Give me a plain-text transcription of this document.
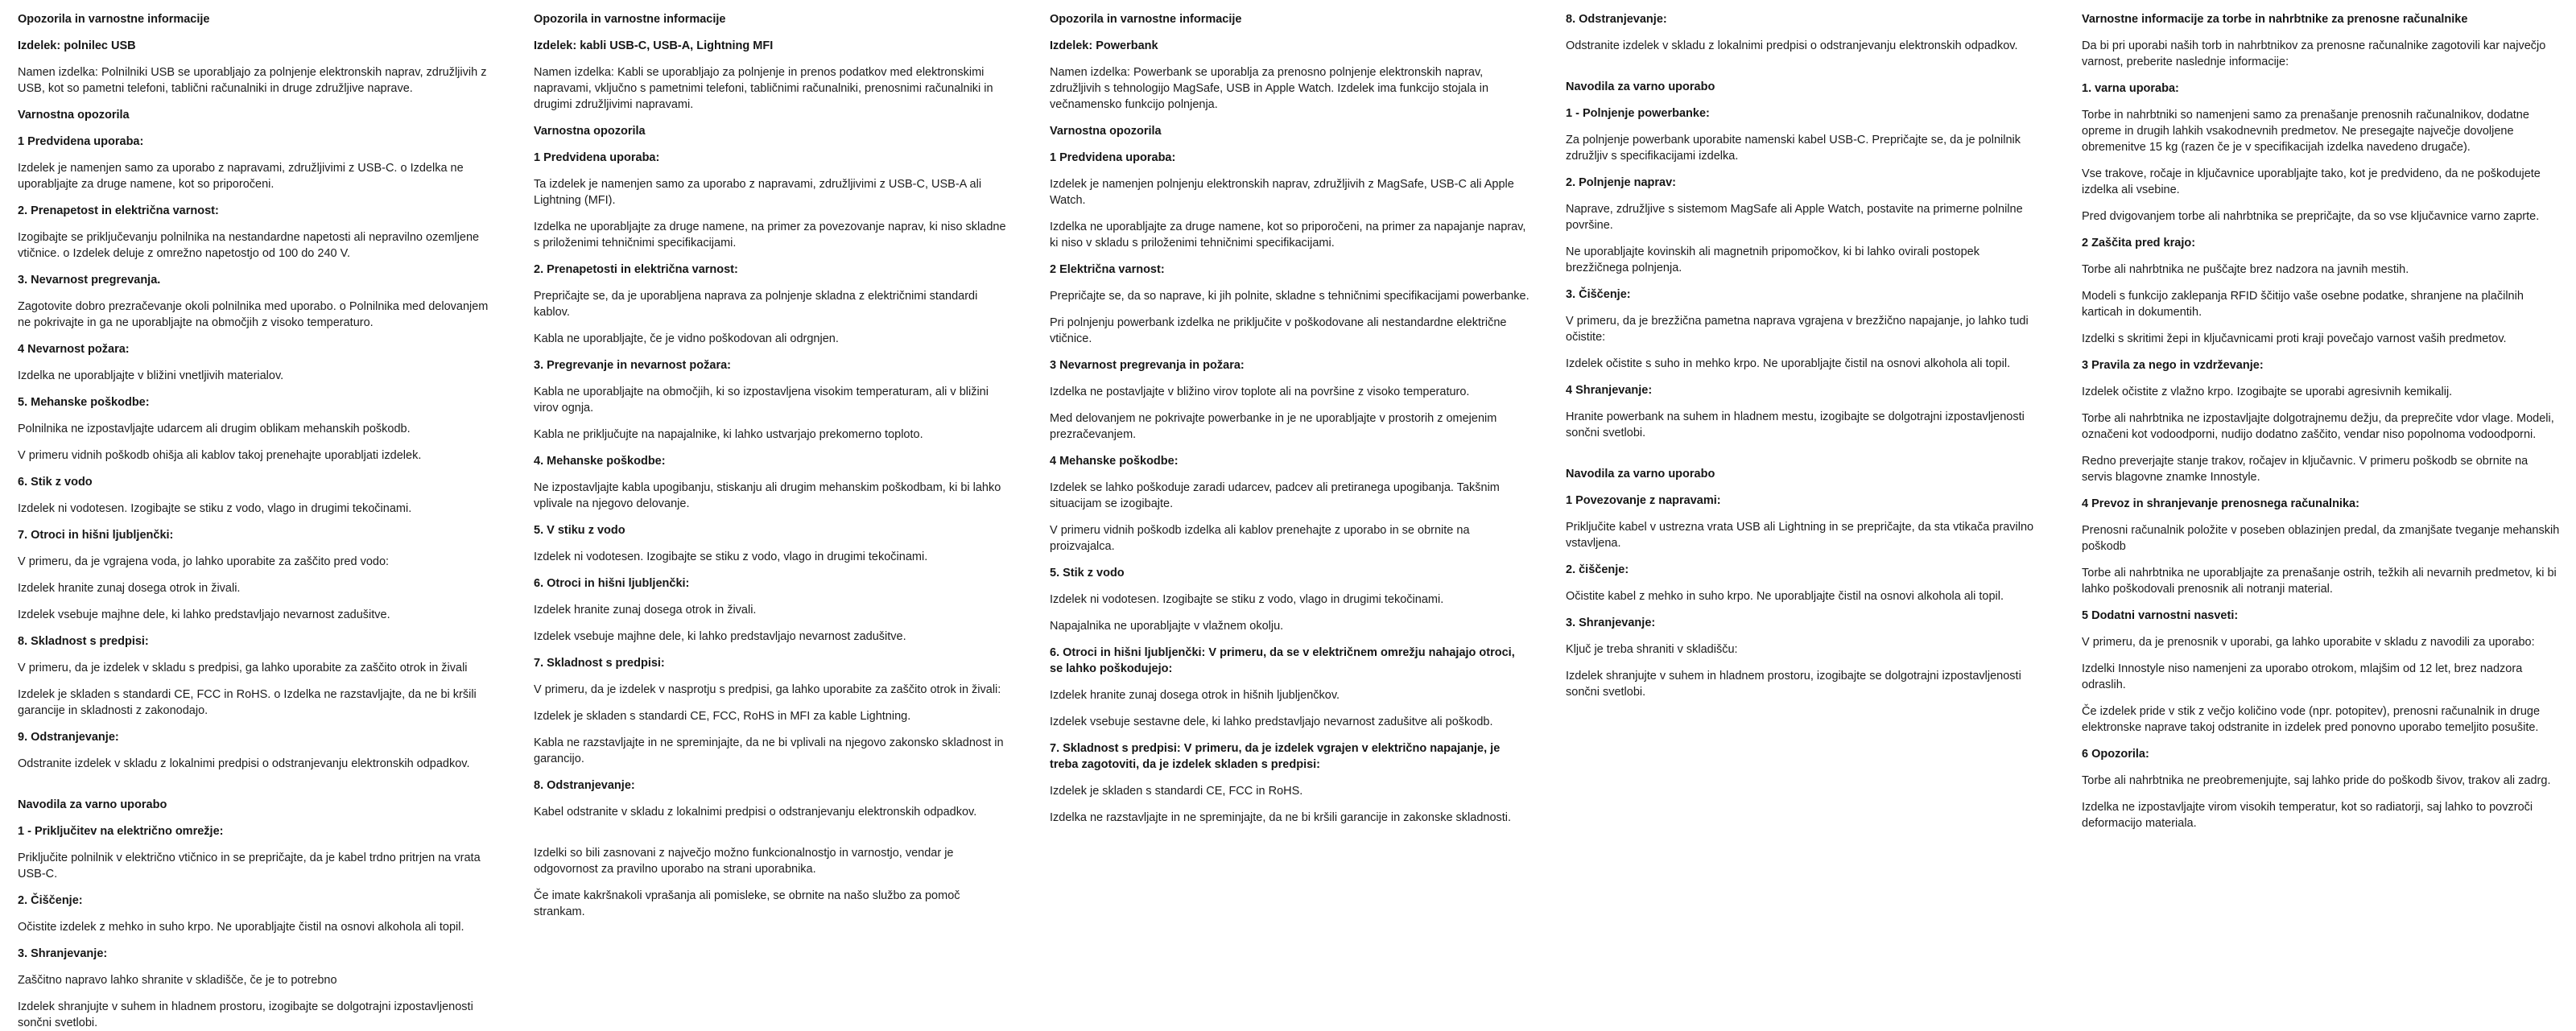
Opozorila in varnostne informacije
Izdelek: polnilec USB
Namen izdelka: Polnilniki USB se uporabljajo za polnjenje elektronskih naprav, združljivih z USB, kot so pametni telefoni, tablični računalniki in druge združljive naprave.
Varnostna opozorila
1 Predvidena uporaba:
Izdelek je namenjen samo za uporabo z napravami, združljivimi z USB-C. o Izdelka ne uporabljajte za druge namene, kot so priporočeni.
2. Prenapetost in električna varnost:
Izogibajte se priključevanju polnilnika na nestandardne napetosti ali nepravilno ozemljene vtičnice. o Izdelek deluje z omrežno napetostjo od 100 do 240 V.
3. Nevarnost pregrevanja.
Zagotovite dobro prezračevanje okoli polnilnika med uporabo. o Polnilnika med delovanjem ne pokrivajte in ga ne uporabljajte na območjih z visoko temperaturo.
4 Nevarnost požara:
Izdelka ne uporabljajte v bližini vnetljivih materialov.
5. Mehanske poškodbe:
Polnilnika ne izpostavljajte udarcem ali drugim oblikam mehanskih poškodb.
V primeru vidnih poškodb ohišja ali kablov takoj prenehajte uporabljati izdelek.
6. Stik z vodo
Izdelek ni vodotesen. Izogibajte se stiku z vodo, vlago in drugimi tekočinami.
7. Otroci in hišni ljubljenčki:
V primeru, da je vgrajena voda, jo lahko uporabite za zaščito pred vodo:
Izdelek hranite zunaj dosega otrok in živali.
Izdelek vsebuje majhne dele, ki lahko predstavljajo nevarnost zadušitve.
8. Skladnost s predpisi:
V primeru, da je izdelek v skladu s predpisi, ga lahko uporabite za zaščito otrok in živali
Izdelek je skladen s standardi CE, FCC in RoHS. o Izdelka ne razstavljajte, da ne bi kršili garancije in skladnosti z zakonodajo.
9. Odstranjevanje:
Odstranite izdelek v skladu z lokalnimi predpisi o odstranjevanju elektronskih odpadkov.
Navodila za varno uporabo
1 - Priključitev na električno omrežje:
Priključite polnilnik v električno vtičnico in se prepričajte, da je kabel trdno pritrjen na vrata USB-C.
2. Čiščenje:
Očistite izdelek z mehko in suho krpo. Ne uporabljajte čistil na osnovi alkohola ali topil.
3. Shranjevanje:
Zaščitno napravo lahko shranite v skladišče, če je to potrebno
Izdelek shranjujte v suhem in hladnem prostoru, izogibajte se dolgotrajni izpostavljenosti sončni svetlobi.
Opozorila in varnostne informacije
Izdelek: kabli USB-C, USB-A, Lightning MFI
Namen izdelka: Kabli se uporabljajo za polnjenje in prenos podatkov med elektronskimi napravami, vključno s pametnimi telefoni, tabličnimi računalniki, prenosnimi računalniki in drugimi združljivimi napravami.
Varnostna opozorila
1 Predvidena uporaba:
Ta izdelek je namenjen samo za uporabo z napravami, združljivimi z USB-C, USB-A ali Lightning (MFI).
Izdelka ne uporabljajte za druge namene, na primer za povezovanje naprav, ki niso skladne s priloženimi tehničnimi specifikacijami.
2. Prenapetosti in električna varnost:
Prepričajte se, da je uporabljena naprava za polnjenje skladna z električnimi standardi kablov.
Kabla ne uporabljajte, če je vidno poškodovan ali odrgnjen.
3. Pregrevanje in nevarnost požara:
Kabla ne uporabljajte na območjih, ki so izpostavljena visokim temperaturam, ali v bližini virov ognja.
Kabla ne priključujte na napajalnike, ki lahko ustvarjajo prekomerno toploto.
4. Mehanske poškodbe:
Ne izpostavljajte kabla upogibanju, stiskanju ali drugim mehanskim poškodbam, ki bi lahko vplivale na njegovo delovanje.
5. V stiku z vodo
Izdelek ni vodotesen. Izogibajte se stiku z vodo, vlago in drugimi tekočinami.
6. Otroci in hišni ljubljenčki:
Izdelek hranite zunaj dosega otrok in živali.
Izdelek vsebuje majhne dele, ki lahko predstavljajo nevarnost zadušitve.
7. Skladnost s predpisi:
V primeru, da je izdelek v nasprotju s predpisi, ga lahko uporabite za zaščito otrok in živali:
Izdelek je skladen s standardi CE, FCC, RoHS in MFI za kable Lightning.
Kabla ne razstavljajte in ne spreminjajte, da ne bi vplivali na njegovo zakonsko skladnost in garancijo.
8. Odstranjevanje:
Kabel odstranite v skladu z lokalnimi predpisi o odstranjevanju elektronskih odpadkov.
Izdelki so bili zasnovani z največjo možno funkcionalnostjo in varnostjo, vendar je odgovornost za pravilno uporabo na strani uporabnika.
Če imate kakršnakoli vprašanja ali pomisleke, se obrnite na našo službo za pomoč strankam.
Opozorila in varnostne informacije
Izdelek: Powerbank
Namen izdelka: Powerbank se uporablja za prenosno polnjenje elektronskih naprav, združljivih s tehnologijo MagSafe, USB in Apple Watch. Izdelek ima funkcijo stojala in večnamensko funkcijo polnjenja.
Varnostna opozorila
1 Predvidena uporaba:
Izdelek je namenjen polnjenju elektronskih naprav, združljivih z MagSafe, USB-C ali Apple Watch.
Izdelka ne uporabljajte za druge namene, kot so priporočeni, na primer za napajanje naprav, ki niso v skladu s priloženimi tehničnimi specifikacijami.
2 Električna varnost:
Prepričajte se, da so naprave, ki jih polnite, skladne s tehničnimi specifikacijami powerbanke.
Pri polnjenju powerbank izdelka ne priključite v poškodovane ali nestandardne električne vtičnice.
3 Nevarnost pregrevanja in požara:
Izdelka ne postavljajte v bližino virov toplote ali na površine z visoko temperaturo.
Med delovanjem ne pokrivajte powerbanke in je ne uporabljajte v prostorih z omejenim prezračevanjem.
4 Mehanske poškodbe:
Izdelek se lahko poškoduje zaradi udarcev, padcev ali pretiranega upogibanja. Takšnim situacijam se izogibajte.
V primeru vidnih poškodb izdelka ali kablov prenehajte z uporabo in se obrnite na proizvajalca.
5. Stik z vodo
Izdelek ni vodotesen. Izogibajte se stiku z vodo, vlago in drugimi tekočinami.
Napajalnika ne uporabljajte v vlažnem okolju.
6. Otroci in hišni ljubljenčki: V primeru, da se v električnem omrežju nahajajo otroci, se lahko poškodujejo:
Izdelek hranite zunaj dosega otrok in hišnih ljubljenčkov.
Izdelek vsebuje sestavne dele, ki lahko predstavljajo nevarnost zadušitve ali poškodb.
7. Skladnost s predpisi: V primeru, da je izdelek vgrajen v električno napajanje, je treba zagotoviti, da je izdelek skladen s predpisi:
Izdelek je skladen s standardi CE, FCC in RoHS.
Izdelka ne razstavljajte in ne spreminjajte, da ne bi kršili garancije in zakonske skladnosti.
8. Odstranjevanje:
Odstranite izdelek v skladu z lokalnimi predpisi o odstranjevanju elektronskih odpadkov.
Navodila za varno uporabo
1 - Polnjenje powerbanke:
Za polnjenje powerbank uporabite namenski kabel USB-C. Prepričajte se, da je polnilnik združljiv s specifikacijami izdelka.
2. Polnjenje naprav:
Naprave, združljive s sistemom MagSafe ali Apple Watch, postavite na primerne polnilne površine.
Ne uporabljajte kovinskih ali magnetnih pripomočkov, ki bi lahko ovirali postopek brezžičnega polnjenja.
3. Čiščenje:
V primeru, da je brezžična pametna naprava vgrajena v brezžično napajanje, jo lahko tudi očistite:
Izdelek očistite s suho in mehko krpo. Ne uporabljajte čistil na osnovi alkohola ali topil.
4 Shranjevanje:
Hranite powerbank na suhem in hladnem mestu, izogibajte se dolgotrajni izpostavljenosti sončni svetlobi.
Navodila za varno uporabo
1 Povezovanje z napravami:
Priključite kabel v ustrezna vrata USB ali Lightning in se prepričajte, da sta vtikača pravilno vstavljena.
2. čiščenje:
Očistite kabel z mehko in suho krpo. Ne uporabljajte čistil na osnovi alkohola ali topil.
3. Shranjevanje:
Ključ je treba shraniti v skladišču:
Izdelek shranjujte v suhem in hladnem prostoru, izogibajte se dolgotrajni izpostavljenosti sončni svetlobi.
Varnostne informacije za torbe in nahrbtnike za prenosne računalnike
Da bi pri uporabi naših torb in nahrbtnikov za prenosne računalnike zagotovili kar največjo varnost, preberite naslednje informacije:
1. varna uporaba:
Torbe in nahrbtniki so namenjeni samo za prenašanje prenosnih računalnikov, dodatne opreme in drugih lahkih vsakodnevnih predmetov. Ne presegajte največje dovoljene obremenitve 15 kg (razen če je v specifikacijah izdelka navedeno drugače).
Vse trakove, ročaje in ključavnice uporabljajte tako, kot je predvideno, da ne poškodujete izdelka ali vsebine.
Pred dvigovanjem torbe ali nahrbtnika se prepričajte, da so vse ključavnice varno zaprte.
2 Zaščita pred krajo:
Torbe ali nahrbtnika ne puščajte brez nadzora na javnih mestih.
Modeli s funkcijo zaklepanja RFID ščitijo vaše osebne podatke, shranjene na plačilnih karticah in dokumentih.
Izdelki s skritimi žepi in ključavnicami proti kraji povečajo varnost vaših predmetov.
3 Pravila za nego in vzdrževanje:
Izdelek očistite z vlažno krpo. Izogibajte se uporabi agresivnih kemikalij.
Torbe ali nahrbtnika ne izpostavljajte dolgotrajnemu dežju, da preprečite vdor vlage. Modeli, označeni kot vodoodporni, nudijo dodatno zaščito, vendar niso popolnoma vodoodporni.
Redno preverjajte stanje trakov, ročajev in ključavnic. V primeru poškodb se obrnite na servis blagovne znamke Innostyle.
4 Prevoz in shranjevanje prenosnega računalnika:
Prenosni računalnik položite v poseben oblazinjen predal, da zmanjšate tveganje mehanskih poškodb
Torbe ali nahrbtnika ne uporabljajte za prenašanje ostrih, težkih ali nevarnih predmetov, ki bi lahko poškodovali prenosnik ali notranji material.
5 Dodatni varnostni nasveti:
V primeru, da je prenosnik v uporabi, ga lahko uporabite v skladu z navodili za uporabo:
Izdelki Innostyle niso namenjeni za uporabo otrokom, mlajšim od 12 let, brez nadzora odraslih.
Če izdelek pride v stik z večjo količino vode (npr. potopitev), prenosni računalnik in druge elektronske naprave takoj odstranite in izdelek pred ponovno uporabo temeljito posušite.
6 Opozorila:
Torbe ali nahrbtnika ne preobremenjujte, saj lahko pride do poškodb šivov, trakov ali zadrg.
Izdelka ne izpostavljajte virom visokih temperatur, kot so radiatorji, saj lahko to povzroči deformacijo materiala.
